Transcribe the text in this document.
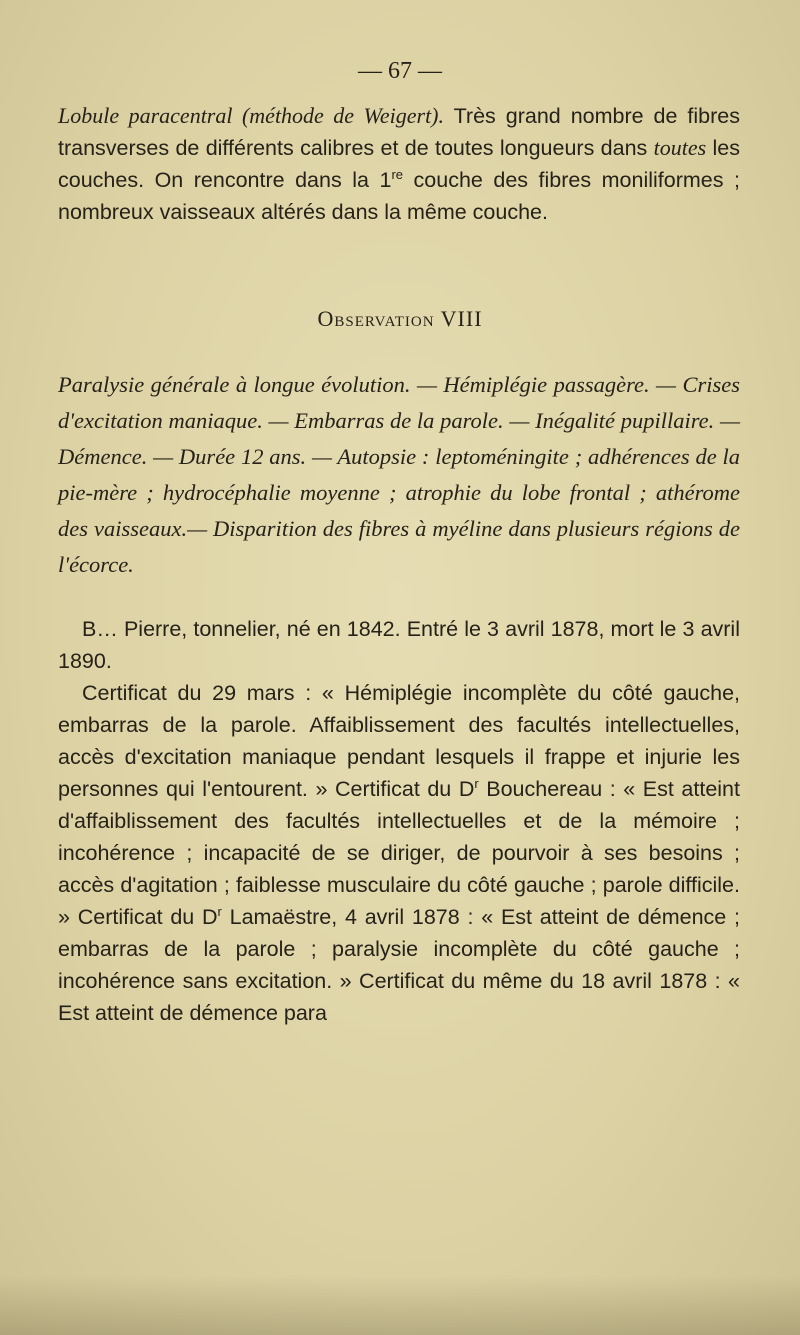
— 67 —

Lobule paracentral (méthode de Weigert). Très grand nombre de fibres transverses de différents calibres et de toutes longueurs dans toutes les couches. On rencontre dans la 1re couche des fibres moniliformes ; nombreux vaisseaux altérés dans la même couche.

Observation VIII

Paralysie générale à longue évolution. — Hémiplégie passagère. — Crises d'excitation maniaque. — Embarras de la parole. — Inégalité pupillaire. — Démence. — Durée 12 ans. — Autopsie : leptoméningite ; adhérences de la pie-mère ; hydrocéphalie moyenne ; atrophie du lobe frontal ; athérome des vaisseaux.— Disparition des fibres à myéline dans plusieurs régions de l'écorce.

B… Pierre, tonnelier, né en 1842. Entré le 3 avril 1878, mort le 3 avril 1890.

Certificat du 29 mars : « Hémiplégie incomplète du côté gauche, embarras de la parole. Affaiblissement des facultés intellectuelles, accès d'excitation maniaque pendant lesquels il frappe et injurie les personnes qui l'entourent. » Certificat du $D^r$ Bouchereau : « Est atteint d'affaiblissement des facultés intellectuelles et de la mémoire ; incohérence ; incapacité de se diriger, de pourvoir à ses besoins ; accès d'agitation ; faiblesse musculaire du côté gauche ; parole difficile. » Certificat du $D^r$ Lamaëstre, 4 avril 1878 : « Est atteint de démence ; embarras de la parole ; paralysie incomplète du côté gauche ; incohérence sans excitation. » Certificat du même du 18 avril 1878 : « Est atteint de démence para
